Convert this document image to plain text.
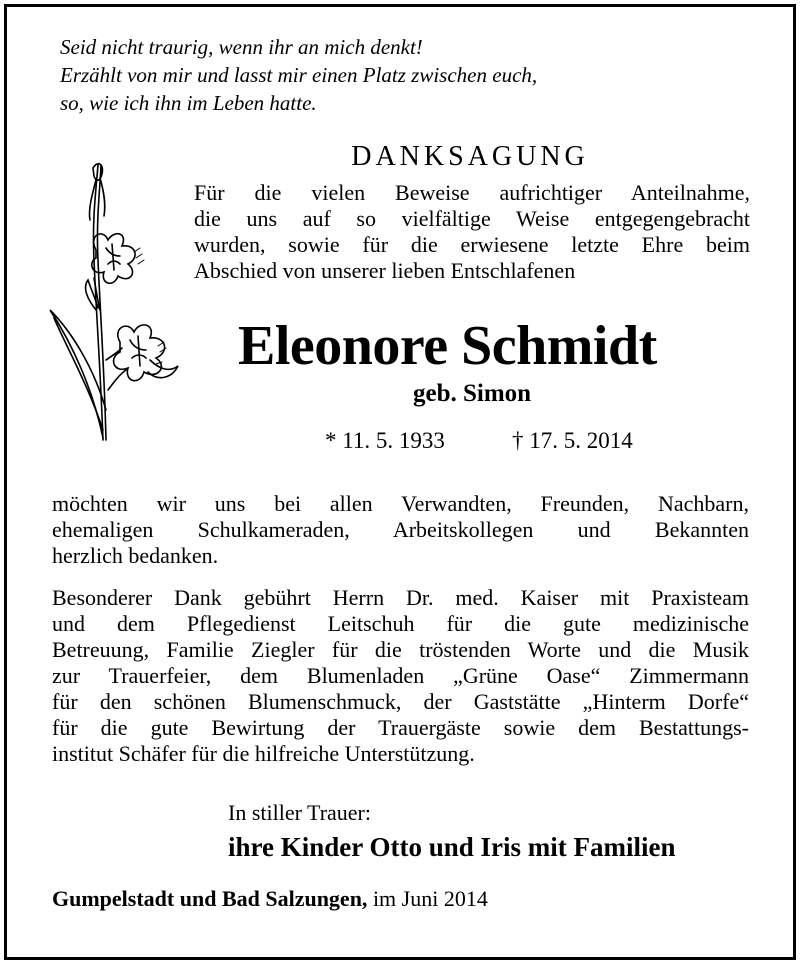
Seid nicht traurig, wenn ihr an mich denkt!
Erzählt von mir und lasst mir einen Platz zwischen euch,
so, wie ich ihn im Leben hatte.
DANKSAGUNG
Für die vielen Beweise aufrichtiger Anteilnahme,
die uns auf so vielfältige Weise entgegengebracht
wurden, sowie für die erwiesene letzte Ehre beim
Abschied von unserer lieben Entschlafenen
Eleonore Schmidt
geb. Simon
* 11. 5. 1933	† 17. 5. 2014
möchten wir uns bei allen Verwandten, Freunden, Nachbarn,
ehemaligen Schulkameraden, Arbeitskollegen und Bekannten
herzlich bedanken.
Besonderer Dank gebührt Herrn Dr. med. Kaiser mit Praxisteam
und dem Pflegedienst Leitschuh für die gute medizinische
Betreuung, Familie Ziegler für die tröstenden Worte und die Musik
zur Trauerfeier, dem Blumenladen „Grüne Oase“ Zimmermann
für den schönen Blumenschmuck, der Gaststätte „Hinterm Dorfe“
für die gute Bewirtung der Trauergäste sowie dem Bestattungs-
institut Schäfer für die hilfreiche Unterstützung.
In stiller Trauer:
ihre Kinder Otto und Iris mit Familien
Gumpelstadt und Bad Salzungen, im Juni 2014
